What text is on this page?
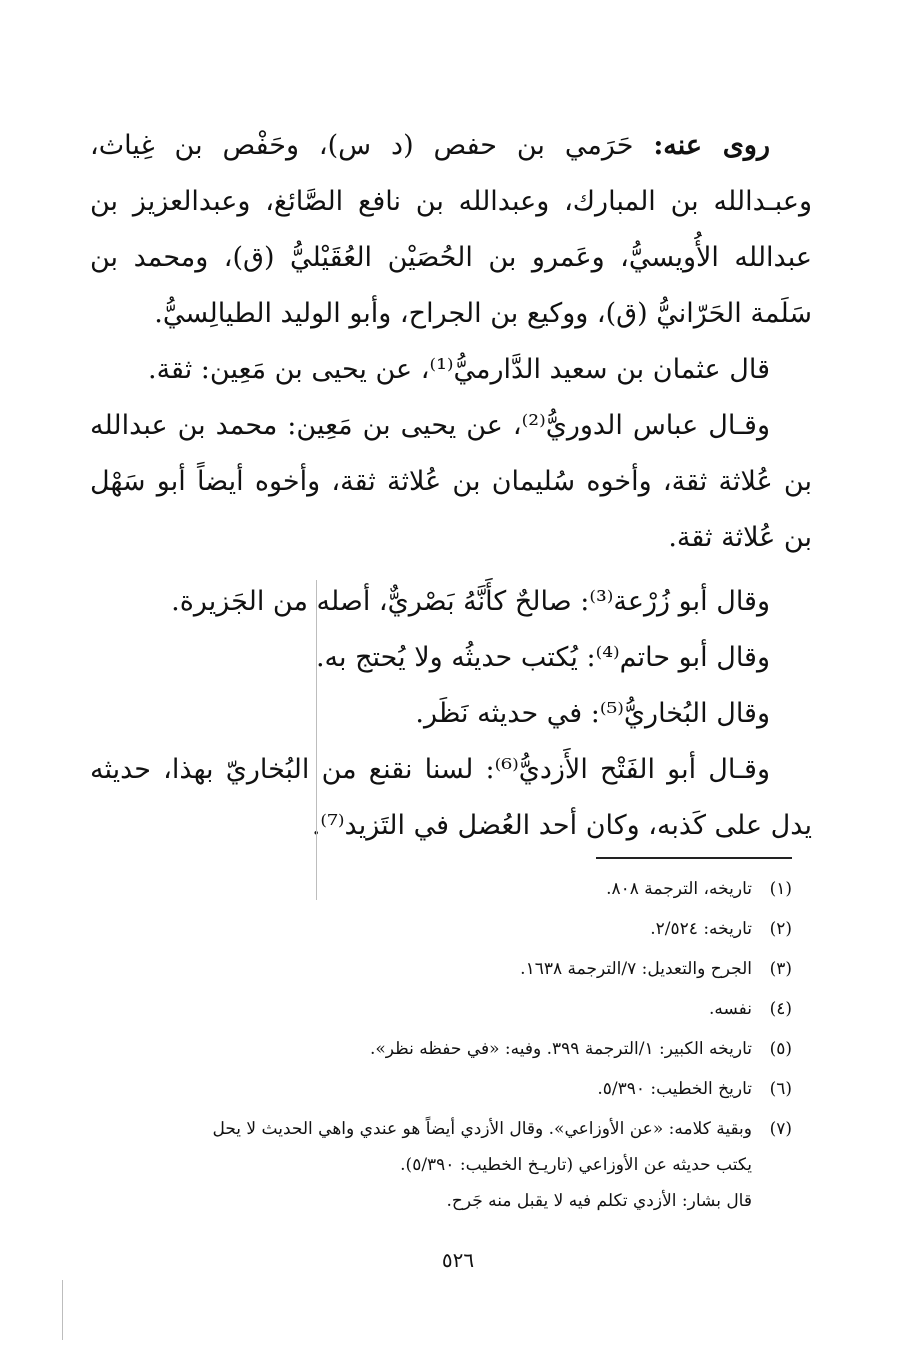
روى عنه: حَرَمي بن حفص (د س)، وحَفْص بن غِياث، وعبـدالله بن المبارك، وعبدالله بن نافع الصَّائغ، وعبدالعزيز بن عبدالله الأُويسيُّ، وعَمرو بن الحُصَيْن العُقَيْليُّ (ق)، ومحمد بن سَلَمة الحَرّانيُّ (ق)، ووكيع بن الجراح، وأبو الوليد الطيالِسيُّ.

قال عثمان بن سعيد الدَّارميُّ⁽¹⁾، عن يحيى بن مَعِين: ثقة.

وقـال عباس الدوريُّ⁽²⁾، عن يحيى بن مَعِين: محمد بن عبدالله بن عُلاثة ثقة، وأخوه سُليمان بن عُلاثة ثقة، وأخوه أيضاً أبو سَهْل بن عُلاثة ثقة.

وقال أبو زُرْعة⁽³⁾: صالحٌ كأَنَّهُ بَصْريٌّ، أصله من الجَزيرة.

وقال أبو حاتم⁽⁴⁾: يُكتب حديثُه ولا يُحتج به.

وقال البُخاريُّ⁽⁵⁾: في حديثه نَظَر.

وقـال أبو الفَتْح الأَزديُّ⁽⁶⁾: لسنا نقنع من البُخاريّ بهذا، حديثه يدل على كَذبه، وكان أحد العُضل في التَزيد⁽⁷⁾.

(١)
تاريخه، الترجمة ٨٠٨.
(٢)
تاريخه: ٢/٥٢٤.
(٣)
الجرح والتعديل: ٧/الترجمة ١٦٣٨.
(٤)
نفسه.
(٥)
تاريخه الكبير: ١/الترجمة ٣٩٩. وفيه: «في حفظه نظر».
(٦)
تاريخ الخطيب: ٥/٣٩٠.
(٧)
وبقية كلامه: «عن الأوزاعي». وقال الأزدي أيضاً هو عندي واهي الحديث لا يحل
يكتب حديثه عن الأوزاعي (تاريـخ الخطيب: ٥/٣٩٠).
قال بشار: الأزدي تكلم فيه لا يقبل منه جَرح.
٥٢٦
